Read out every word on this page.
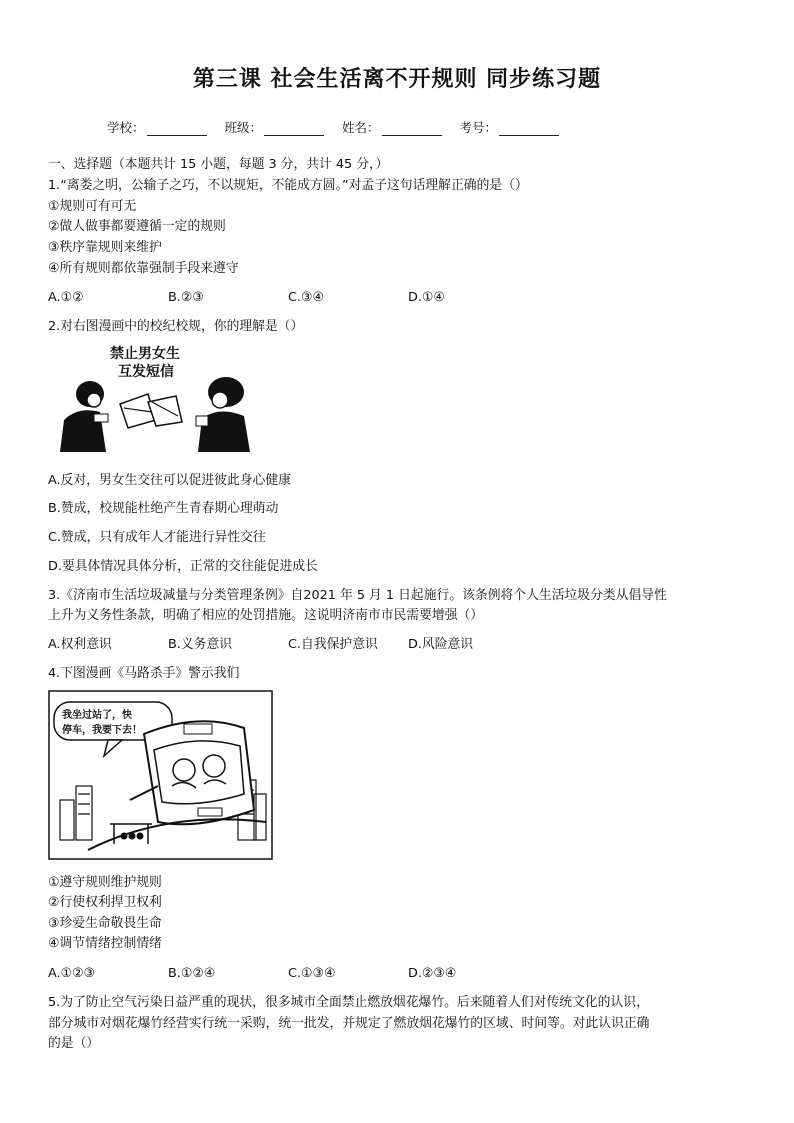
第三课 社会生活离不开规则 同步练习题
学校：	班级：	姓名：	考号：
一、选择题（本题共计 15 小题，每题 3 分，共计 45 分，）
1.“离娄之明，公输子之巧，不以规矩，不能成方圆。”对孟子这句话理解正确的是（）
①规则可有可无
②做人做事都要遵循一定的规则
③秩序靠规则来维护
④所有规则都依靠强制手段来遵守
A.①②	B.②③	C.③④	D.①④
2.对右图漫画中的校纪校规，你的理解是（）
禁止男女生
互发短信
A.反对，男女生交往可以促进彼此身心健康
B.赞成，校规能杜绝产生青春期心理萌动
C.赞成，只有成年人才能进行异性交往
D.要具体情况具体分析，正常的交往能促进成长
3.《济南市生活垃圾减量与分类管理条例》自2021 年 5 月 1 日起施行。该条例将个人生活垃圾分类从倡导性
上升为义务性条款，明确了相应的处罚措施。这说明济南市市民需要增强（）
A.权利意识	B.义务意识	C.自我保护意识 D.风险意识
4.下图漫画《马路杀手》警示我们
我坐过站了，快
停车，我要下去！
①遵守规则维护规则
②行使权利捍卫权利
③珍爱生命敬畏生命
④调节情绪控制情绪
A.①②③	B.①②④	C.①③④	D.②③④
5.为了防止空气污染日益严重的现状，很多城市全面禁止燃放烟花爆竹。后来随着人们对传统文化的认识，
部分城市对烟花爆竹经营实行统一采购，统一批发，并规定了燃放烟花爆竹的区域、时间等。对此认识正确
的是（）
